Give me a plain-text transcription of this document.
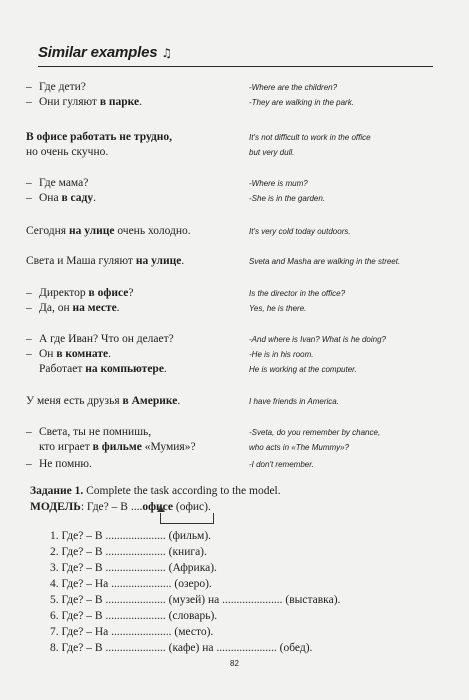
Similar examples ♫
–Где дети?	-Where are the children?
–Они гуляют в парке.	-They are walking in the park.
В офисе работать не трудно,	It's not difficult to work in the office
но очень скучно.	but very dull.
–Где мама?	-Where is mum?
–Она в саду.	-She is in the garden.
Сегодня на улице очень холодно.	It's very cold today outdoors.
Света и Маша гуляют на улице.	Sveta and Masha are walking in the street.
–Директор в офисе?	Is the director in the office?
–Да, он на месте.	Yes, he is there.
–А где Иван? Что он делает?	-And where is Ivan? What is he doing?
–Он в комнате.	-He is in his room.
Работает на компьютере.	He is working at the computer.
У меня есть друзья в Америке.	I have friends in America.
–Света, ты не помнишь,	-Sveta, do you remember by chance,
кто играет в фильме «Мумия»?	who acts in «The Mummy»?
–Не помню.	-I don't remember.
Задание 1. Complete the task according to the model.
МОДЕЛЬ: Где? – В ....офисе (офис).
1. Где? – В ..................... (фильм).
2. Где? – В ..................... (книга).
3. Где? – В ..................... (Африка).
4. Где? – На ..................... (озеро).
5. Где? – В ..................... (музей) на ..................... (выставка).
6. Где? – В ..................... (словарь).
7. Где? – На ..................... (место).
8. Где? – В ..................... (кафе) на ..................... (обед).
82
